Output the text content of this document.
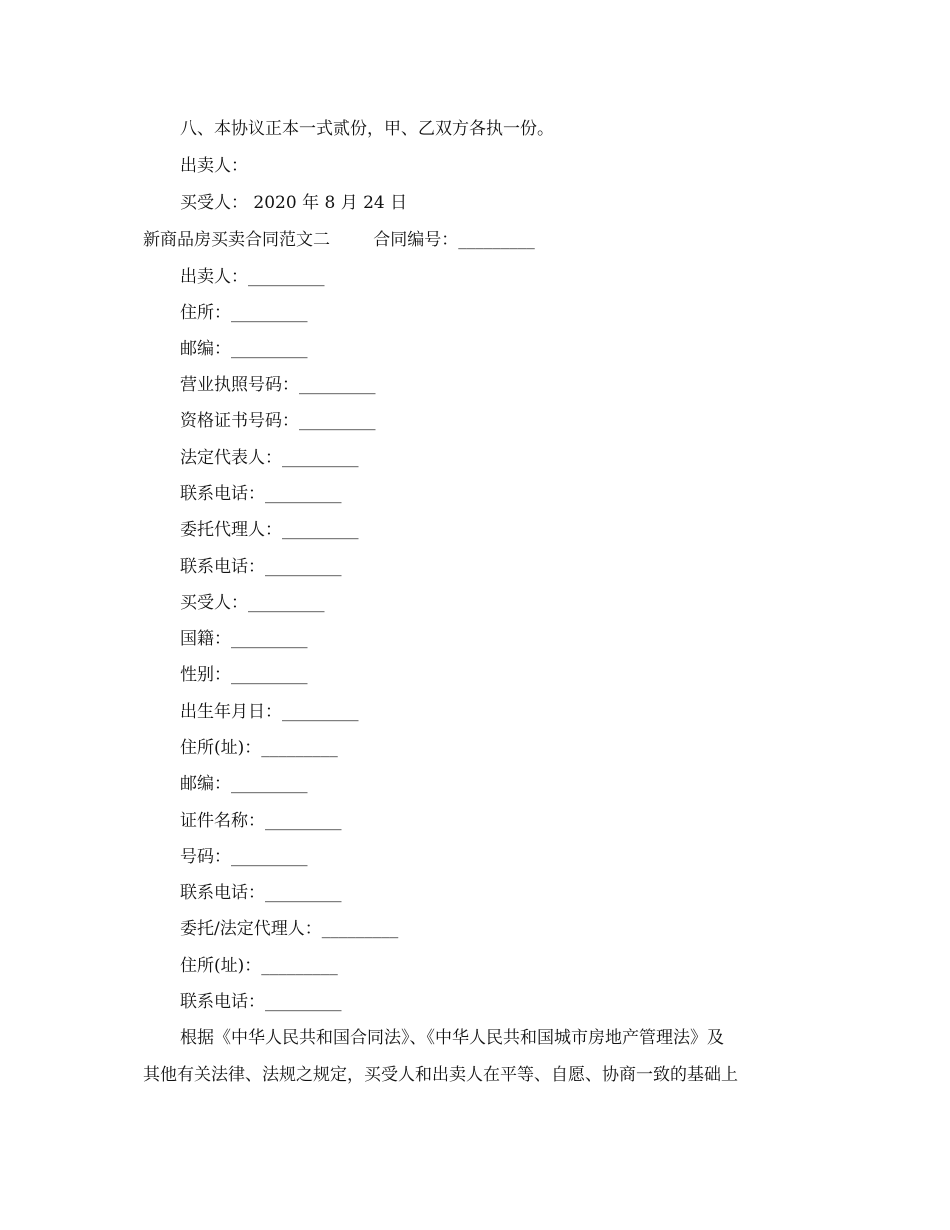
八、本协议正本一式贰份，甲、乙双方各执一份。
出卖人：
买受人： 2020 年 8 月 24 日
新商品房买卖合同范文二        合同编号：_________
出卖人：_________
住所：_________
邮编：_________
营业执照号码：_________
资格证书号码：_________
法定代表人：_________
联系电话：_________
委托代理人：_________
联系电话：_________
买受人：_________
国籍：_________
性别：_________
出生年月日：_________
住所(址)：_________
邮编：_________
证件名称：_________
号码：_________
联系电话：_________
委托/法定代理人：_________
住所(址)：_________
联系电话：_________
根据《中华人民共和国合同法》、《中华人民共和国城市房地产管理法》及
其他有关法律、法规之规定，买受人和出卖人在平等、自愿、协商一致的基础上
